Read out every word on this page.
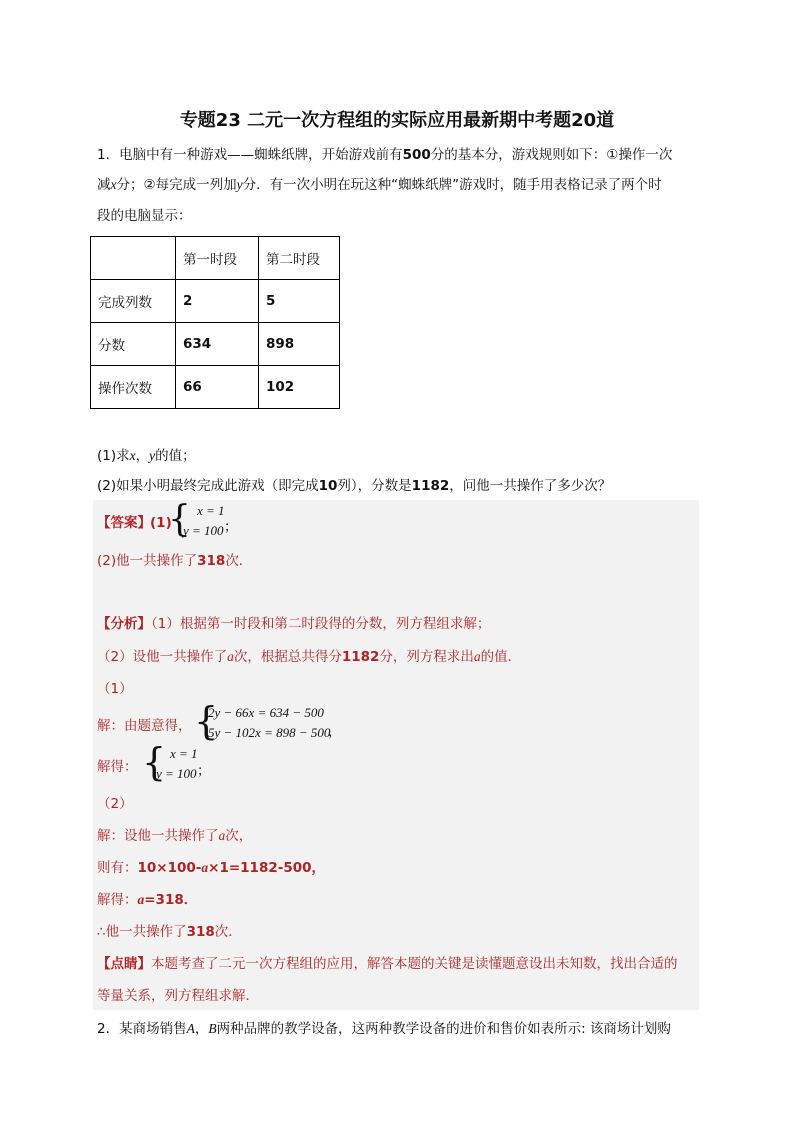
专题23 二元一次方程组的实际应用最新期中考题20道
1．电脑中有一种游戏——蜘蛛纸牌，开始游戏前有500分的基本分，游戏规则如下：①操作一次
减x分；②每完成一列加y分．有一次小明在玩这种“蜘蛛纸牌”游戏时，随手用表格记录了两个时
段的电脑显示：
	第一时段	第二时段
完成列数	2	5
分数	634	898
操作次数	66	102
(1)求x，y的值；
(2)如果小明最终完成此游戏（即完成10列），分数是1182，问他一共操作了多少次？
【答案】 (1)
{ x = 1
y = 100 ；
(2)他一共操作了318次．
【分析】（1）根据第一时段和第二时段得的分数，列方程组求解；
（2）设他一共操作了a次，根据总共得分1182分，列方程求出a的值．
（1）
解：由题意得， {
2y − 66x = 634 − 500
5y − 102x = 898 − 500
，
解得： { x = 1
y = 100 ；
（2）
解：设他一共操作了a次，
则有：10×100-a×1=1182-500，
解得：a=318．
∴他一共操作了318次．
【点睛】本题考查了二元一次方程组的应用，解答本题的关键是读懂题意设出未知数，找出合适的
等量关系，列方程组求解．
2．某商场销售A，B两种品牌的教学设备，这两种教学设备的进价和售价如表所示: 该商场计划购
